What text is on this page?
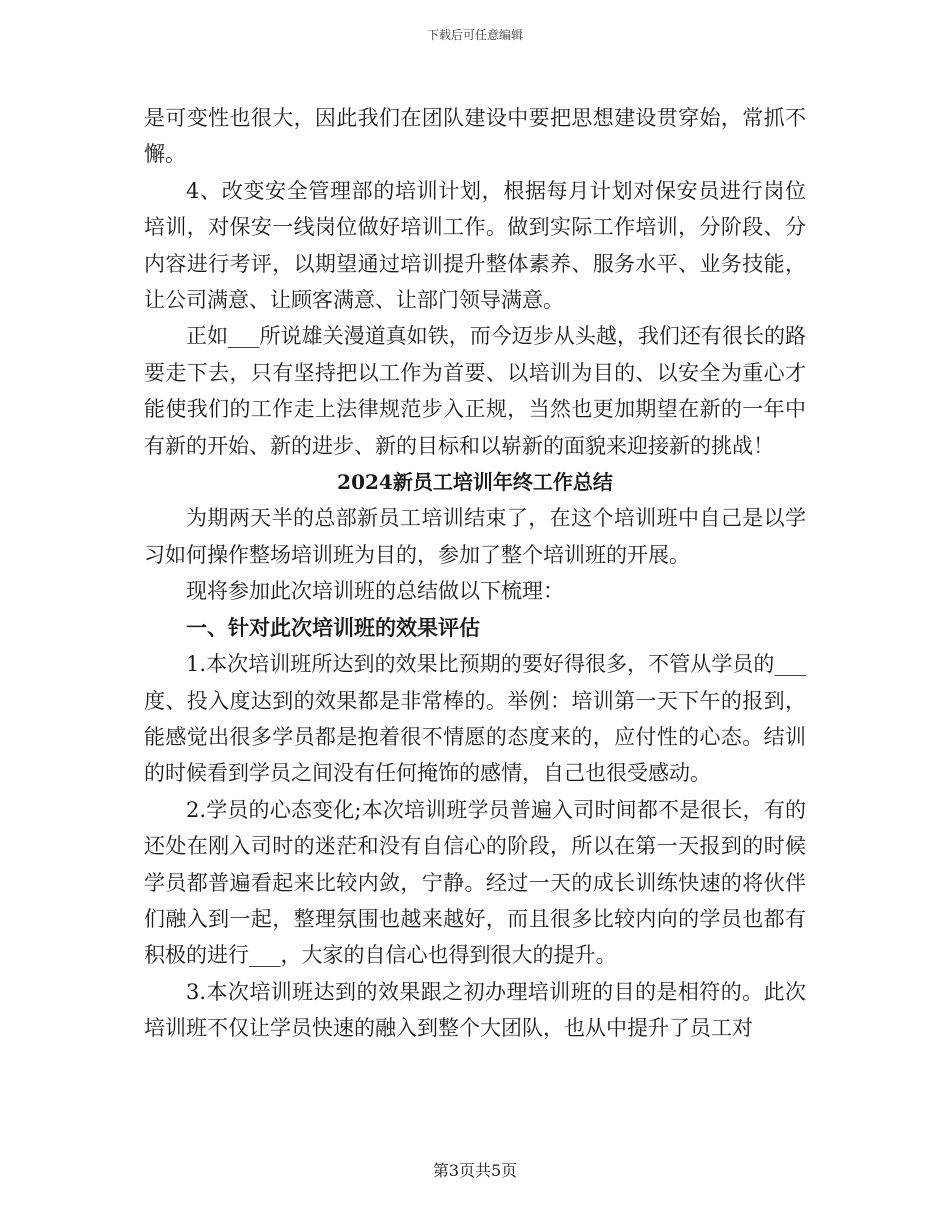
下载后可任意编辑

是可变性也很大，因此我们在团队建设中要把思想建设贯穿始，常抓不懈。

4、改变安全管理部的培训计划，根据每月计划对保安员进行岗位培训，对保安一线岗位做好培训工作。做到实际工作培训，分阶段、分内容进行考评，以期望通过培训提升整体素养、服务水平、业务技能，让公司满意、让顾客满意、让部门领导满意。

正如___所说雄关漫道真如铁，而今迈步从头越，我们还有很长的路要走下去，只有坚持把以工作为首要、以培训为目的、以安全为重心才能使我们的工作走上法律规范步入正规，当然也更加期望在新的一年中有新的开始、新的进步、新的目标和以崭新的面貌来迎接新的挑战！

2024新员工培训年终工作总结

为期两天半的总部新员工培训结束了，在这个培训班中自己是以学习如何操作整场培训班为目的，参加了整个培训班的开展。

现将参加此次培训班的总结做以下梳理：

一、针对此次培训班的效果评估

1.本次培训班所达到的效果比预期的要好得很多，不管从学员的___度、投入度达到的效果都是非常棒的。举例：培训第一天下午的报到，能感觉出很多学员都是抱着很不情愿的态度来的，应付性的心态。结训的时候看到学员之间没有任何掩饰的感情，自己也很受感动。

2.学员的心态变化;本次培训班学员普遍入司时间都不是很长，有的还处在刚入司时的迷茫和没有自信心的阶段，所以在第一天报到的时候学员都普遍看起来比较内敛，宁静。经过一天的成长训练快速的将伙伴们融入到一起，整理氛围也越来越好，而且很多比较内向的学员也都有积极的进行___，大家的自信心也得到很大的提升。

3.本次培训班达到的效果跟之初办理培训班的目的是相符的。此次培训班不仅让学员快速的融入到整个大团队，也从中提升了员工对

第3页共5页
